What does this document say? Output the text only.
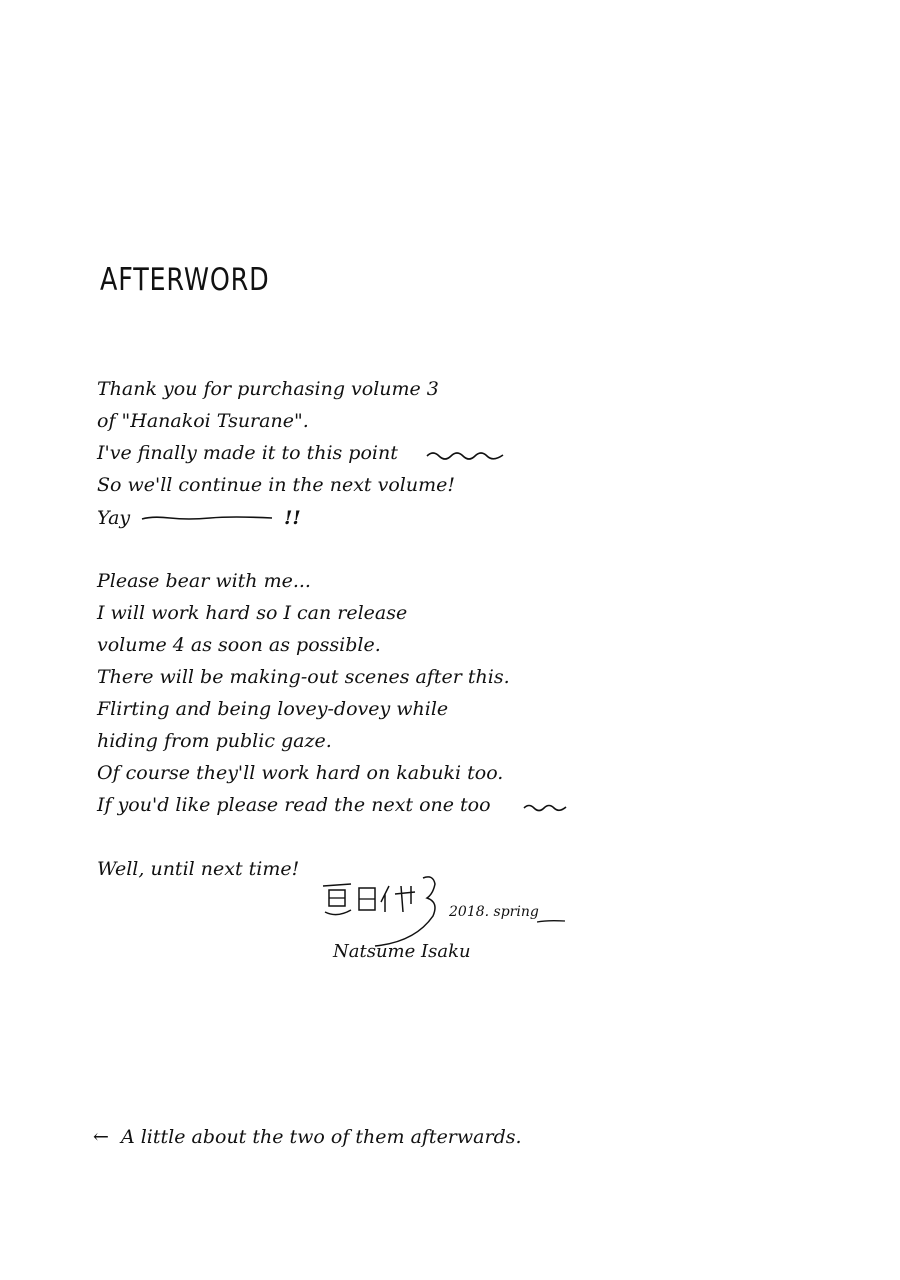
AFTERWORD
Thank you for purchasing volume 3
of "Hanakoi Tsurane".
I've finally made it to this point
So we'll continue in the next volume!
Yay	!!
Please bear with me...
I will work hard so I can release
volume 4 as soon as possible.
There will be making-out scenes after this.
Flirting and being lovey-dovey while
hiding from public gaze.
Of course they'll work hard on kabuki too.
If you'd like please read the next one too
Well, until next time!
2018. spring
Natsume Isaku
← A little about the two of them afterwards.
